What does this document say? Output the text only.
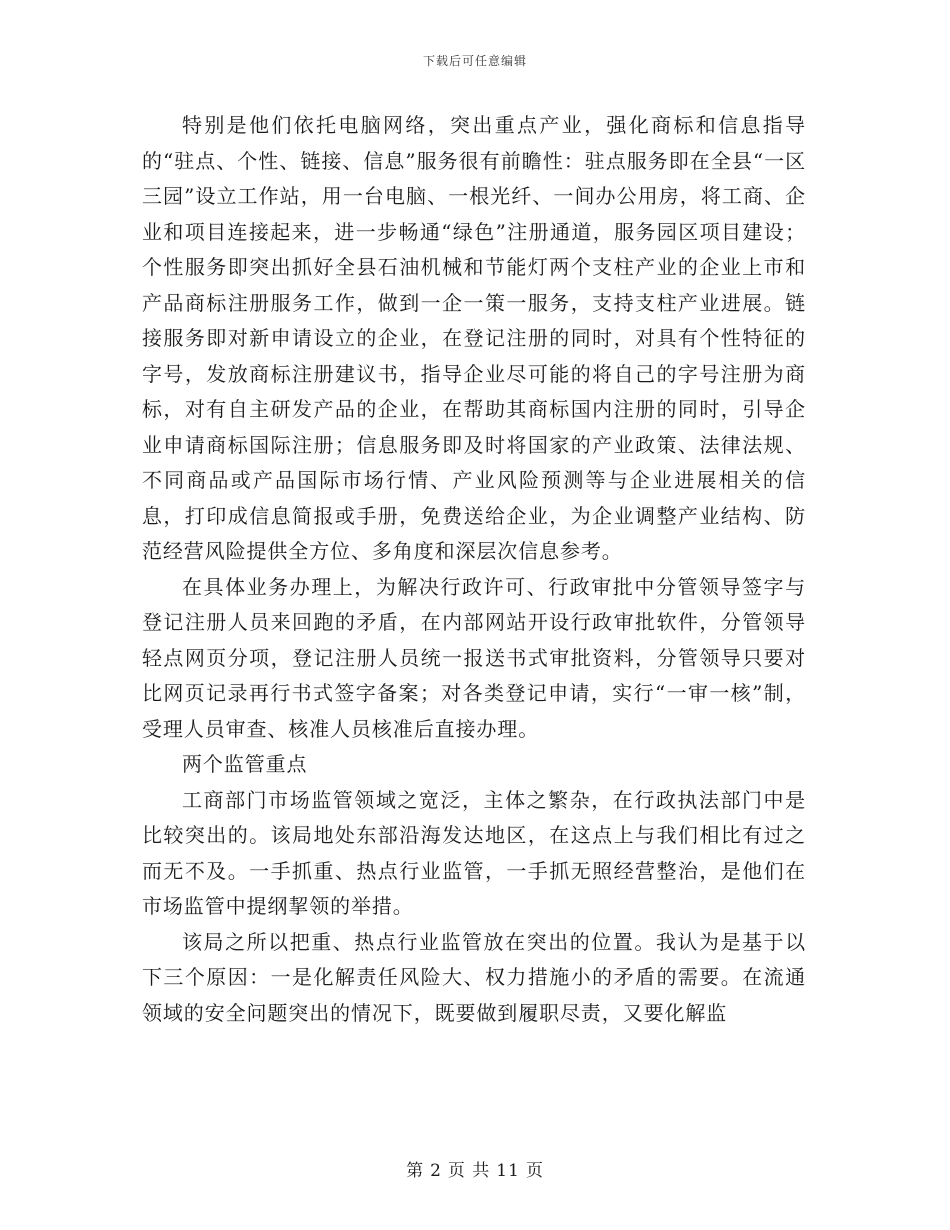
下载后可任意编辑

特别是他们依托电脑网络，突出重点产业，强化商标和信息指导的“驻点、个性、链接、信息”服务很有前瞻性：驻点服务即在全县“一区三园”设立工作站，用一台电脑、一根光纤、一间办公用房，将工商、企业和项目连接起来，进一步畅通“绿色”注册通道，服务园区项目建设；个性服务即突出抓好全县石油机械和节能灯两个支柱产业的企业上市和产品商标注册服务工作，做到一企一策一服务，支持支柱产业进展。链接服务即对新申请设立的企业，在登记注册的同时，对具有个性特征的字号，发放商标注册建议书，指导企业尽可能的将自己的字号注册为商标，对有自主研发产品的企业，在帮助其商标国内注册的同时，引导企业申请商标国际注册；信息服务即及时将国家的产业政策、法律法规、不同商品或产品国际市场行情、产业风险预测等与企业进展相关的信息，打印成信息简报或手册，免费送给企业，为企业调整产业结构、防范经营风险提供全方位、多角度和深层次信息参考。

在具体业务办理上，为解决行政许可、行政审批中分管领导签字与登记注册人员来回跑的矛盾，在内部网站开设行政审批软件，分管领导轻点网页分项，登记注册人员统一报送书式审批资料，分管领导只要对比网页记录再行书式签字备案；对各类登记申请，实行“一审一核”制，受理人员审查、核准人员核准后直接办理。

两个监管重点

工商部门市场监管领域之宽泛，主体之繁杂，在行政执法部门中是比较突出的。该局地处东部沿海发达地区，在这点上与我们相比有过之而无不及。一手抓重、热点行业监管，一手抓无照经营整治，是他们在市场监管中提纲挈领的举措。

该局之所以把重、热点行业监管放在突出的位置。我认为是基于以下三个原因：一是化解责任风险大、权力措施小的矛盾的需要。在流通领域的安全问题突出的情况下，既要做到履职尽责，又要化解监

第 2 页 共 11 页
